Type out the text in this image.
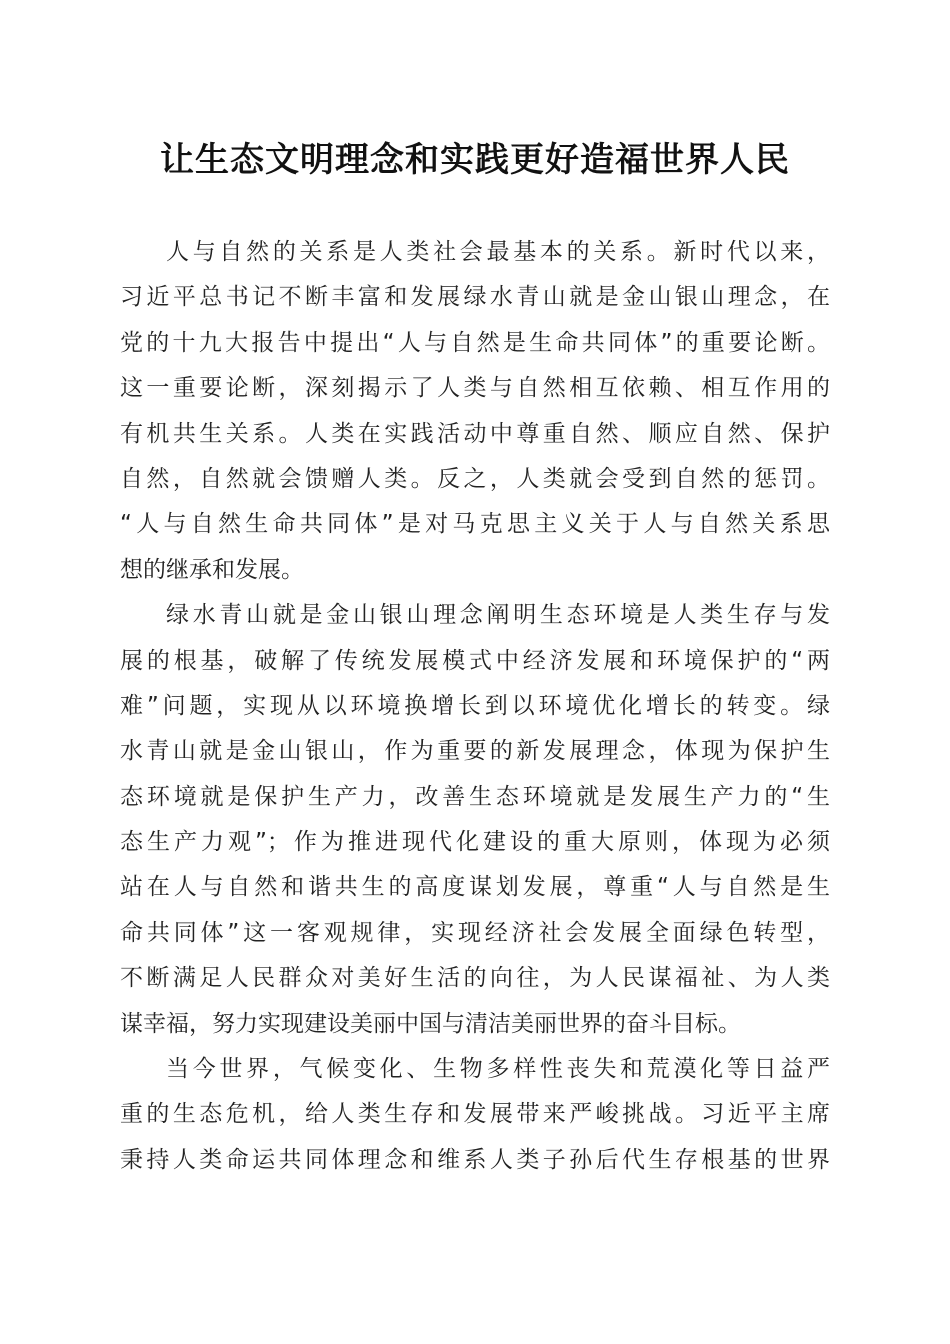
让生态文明理念和实践更好造福世界人民
人与自然的关系是人类社会最基本的关系。新时代以来，
习近平总书记不断丰富和发展绿水青山就是金山银山理念，在
党的十九大报告中提出“人与自然是生命共同体”的重要论断。
这一重要论断，深刻揭示了人类与自然相互依赖、相互作用的
有机共生关系。人类在实践活动中尊重自然、顺应自然、保护
自然，自然就会馈赠人类。反之，人类就会受到自然的惩罚。
“人与自然生命共同体”是对马克思主义关于人与自然关系思
想的继承和发展。
绿水青山就是金山银山理念阐明生态环境是人类生存与发
展的根基，破解了传统发展模式中经济发展和环境保护的“两
难”问题，实现从以环境换增长到以环境优化增长的转变。绿
水青山就是金山银山，作为重要的新发展理念，体现为保护生
态环境就是保护生产力，改善生态环境就是发展生产力的“生
态生产力观”；作为推进现代化建设的重大原则，体现为必须
站在人与自然和谐共生的高度谋划发展，尊重“人与自然是生
命共同体”这一客观规律，实现经济社会发展全面绿色转型，
不断满足人民群众对美好生活的向往，为人民谋福祉、为人类
谋幸福，努力实现建设美丽中国与清洁美丽世界的奋斗目标。
当今世界，气候变化、生物多样性丧失和荒漠化等日益严
重的生态危机，给人类生存和发展带来严峻挑战。习近平主席
秉持人类命运共同体理念和维系人类子孙后代生存根基的世界
